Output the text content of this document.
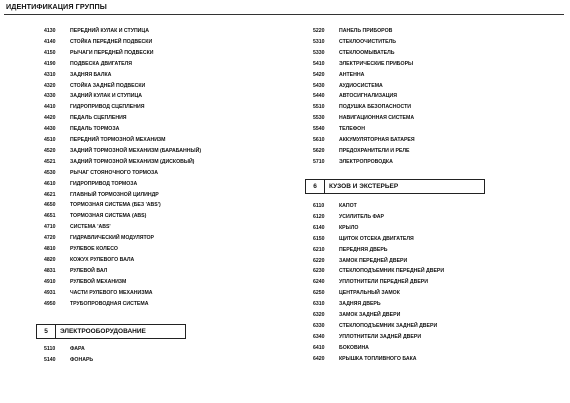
ИДЕНТИФИКАЦИЯ ГРУППЫ
4130	ПЕРЕДНИЙ КУЛАК И СТУПИЦА
4140	СТОЙКА ПЕРЕДНЕЙ ПОДВЕСКИ
4150	РЫЧАГИ ПЕРЕДНЕЙ ПОДВЕСКИ
4190	ПОДВЕСКА ДВИГАТЕЛЯ
4310	ЗАДНЯЯ БАЛКА
4320	СТОЙКА ЗАДНЕЙ ПОДВЕСКИ
4330	ЗАДНИЙ КУЛАК И СТУПИЦА
4410	ГИДРОПРИВОД СЦЕПЛЕНИЯ
4420	ПЕДАЛЬ СЦЕПЛЕНИЯ
4430	ПЕДАЛЬ ТОРМОЗА
4510	ПЕРЕДНИЙ ТОРМОЗНОЙ МЕХАНИЗМ
4520	ЗАДНИЙ ТОРМОЗНОЙ МЕХАНИЗМ (БАРАБАННЫЙ)
4521	ЗАДНИЙ ТОРМОЗНОЙ МЕХАНИЗМ (ДИСКОВЫЙ)
4530	РЫЧАГ СТОЯНОЧНОГО ТОРМОЗА
4610	ГИДРОПРИВОД ТОРМОЗА
4621	ГЛАВНЫЙ ТОРМОЗНОЙ ЦИЛИНДР
4650	ТОРМОЗНАЯ СИСТЕМА (БЕЗ 'ABS')
4651	ТОРМОЗНАЯ СИСТЕМА (ABS)
4710	СИСТЕМА 'ABS'
4720	ГИДРАВЛИЧЕСКИЙ МОДУЛЯТОР
4810	РУЛЕВОЕ КОЛЕСО
4820	КОЖУХ РУЛЕВОГО ВАЛА
4831	РУЛЕВОЙ ВАЛ
4910	РУЛЕВОЙ МЕХАНИЗМ
4931	ЧАСТИ РУЛЕВОГО МЕХАНИЗМА
4950	ТРУБОПРОВОДНАЯ СИСТЕМА
5	ЭЛЕКТРООБОРУДОВАНИЕ
5110	ФАРА
5140	ФОНАРЬ
5220	ПАНЕЛЬ ПРИБОРОВ
5310	СТЕКЛООЧИСТИТЕЛЬ
5330	СТЕКЛООМЫВАТЕЛЬ
5410	ЭЛЕКТРИЧЕСКИЕ ПРИБОРЫ
5420	АНТЕННА
5430	АУДИОСИСТЕМА
5440	АВТОСИГНАЛИЗАЦИЯ
5510	ПОДУШКА БЕЗОПАСНОСТИ
5530	НАВИГАЦИОННАЯ СИСТЕМА
5540	ТЕЛЕФОН
5610	АККУМУЛЯТОРНАЯ БАТАРЕЯ
5620	ПРЕДОХРАНИТЕЛИ И РЕЛЕ
5710	ЭЛЕКТРОПРОВОДКА
6	КУЗОВ И ЭКСТЕРЬЕР
6110	КАПОТ
6120	УСИЛИТЕЛЬ ФАР
6140	КРЫЛО
6150	ЩИТОК ОТСЕКА ДВИГАТЕЛЯ
6210	ПЕРЕДНЯЯ ДВЕРЬ
6220	ЗАМОК ПЕРЕДНЕЙ ДВЕРИ
6230	СТЕКЛОПОДЪЕМНИК ПЕРЕДНЕЙ ДВЕРИ
6240	УПЛОТНИТЕЛИ ПЕРЕДНЕЙ ДВЕРИ
6250	ЦЕНТРАЛЬНЫЙ ЗАМОК
6310	ЗАДНЯЯ ДВЕРЬ
6320	ЗАМОК ЗАДНЕЙ ДВЕРИ
6330	СТЕКЛОПОДЪЕМНИК ЗАДНЕЙ ДВЕРИ
6340	УПЛОТНИТЕЛИ ЗАДНЕЙ ДВЕРИ
6410	БОКОВИНА
6420	КРЫШКА ТОПЛИВНОГО БАКА
